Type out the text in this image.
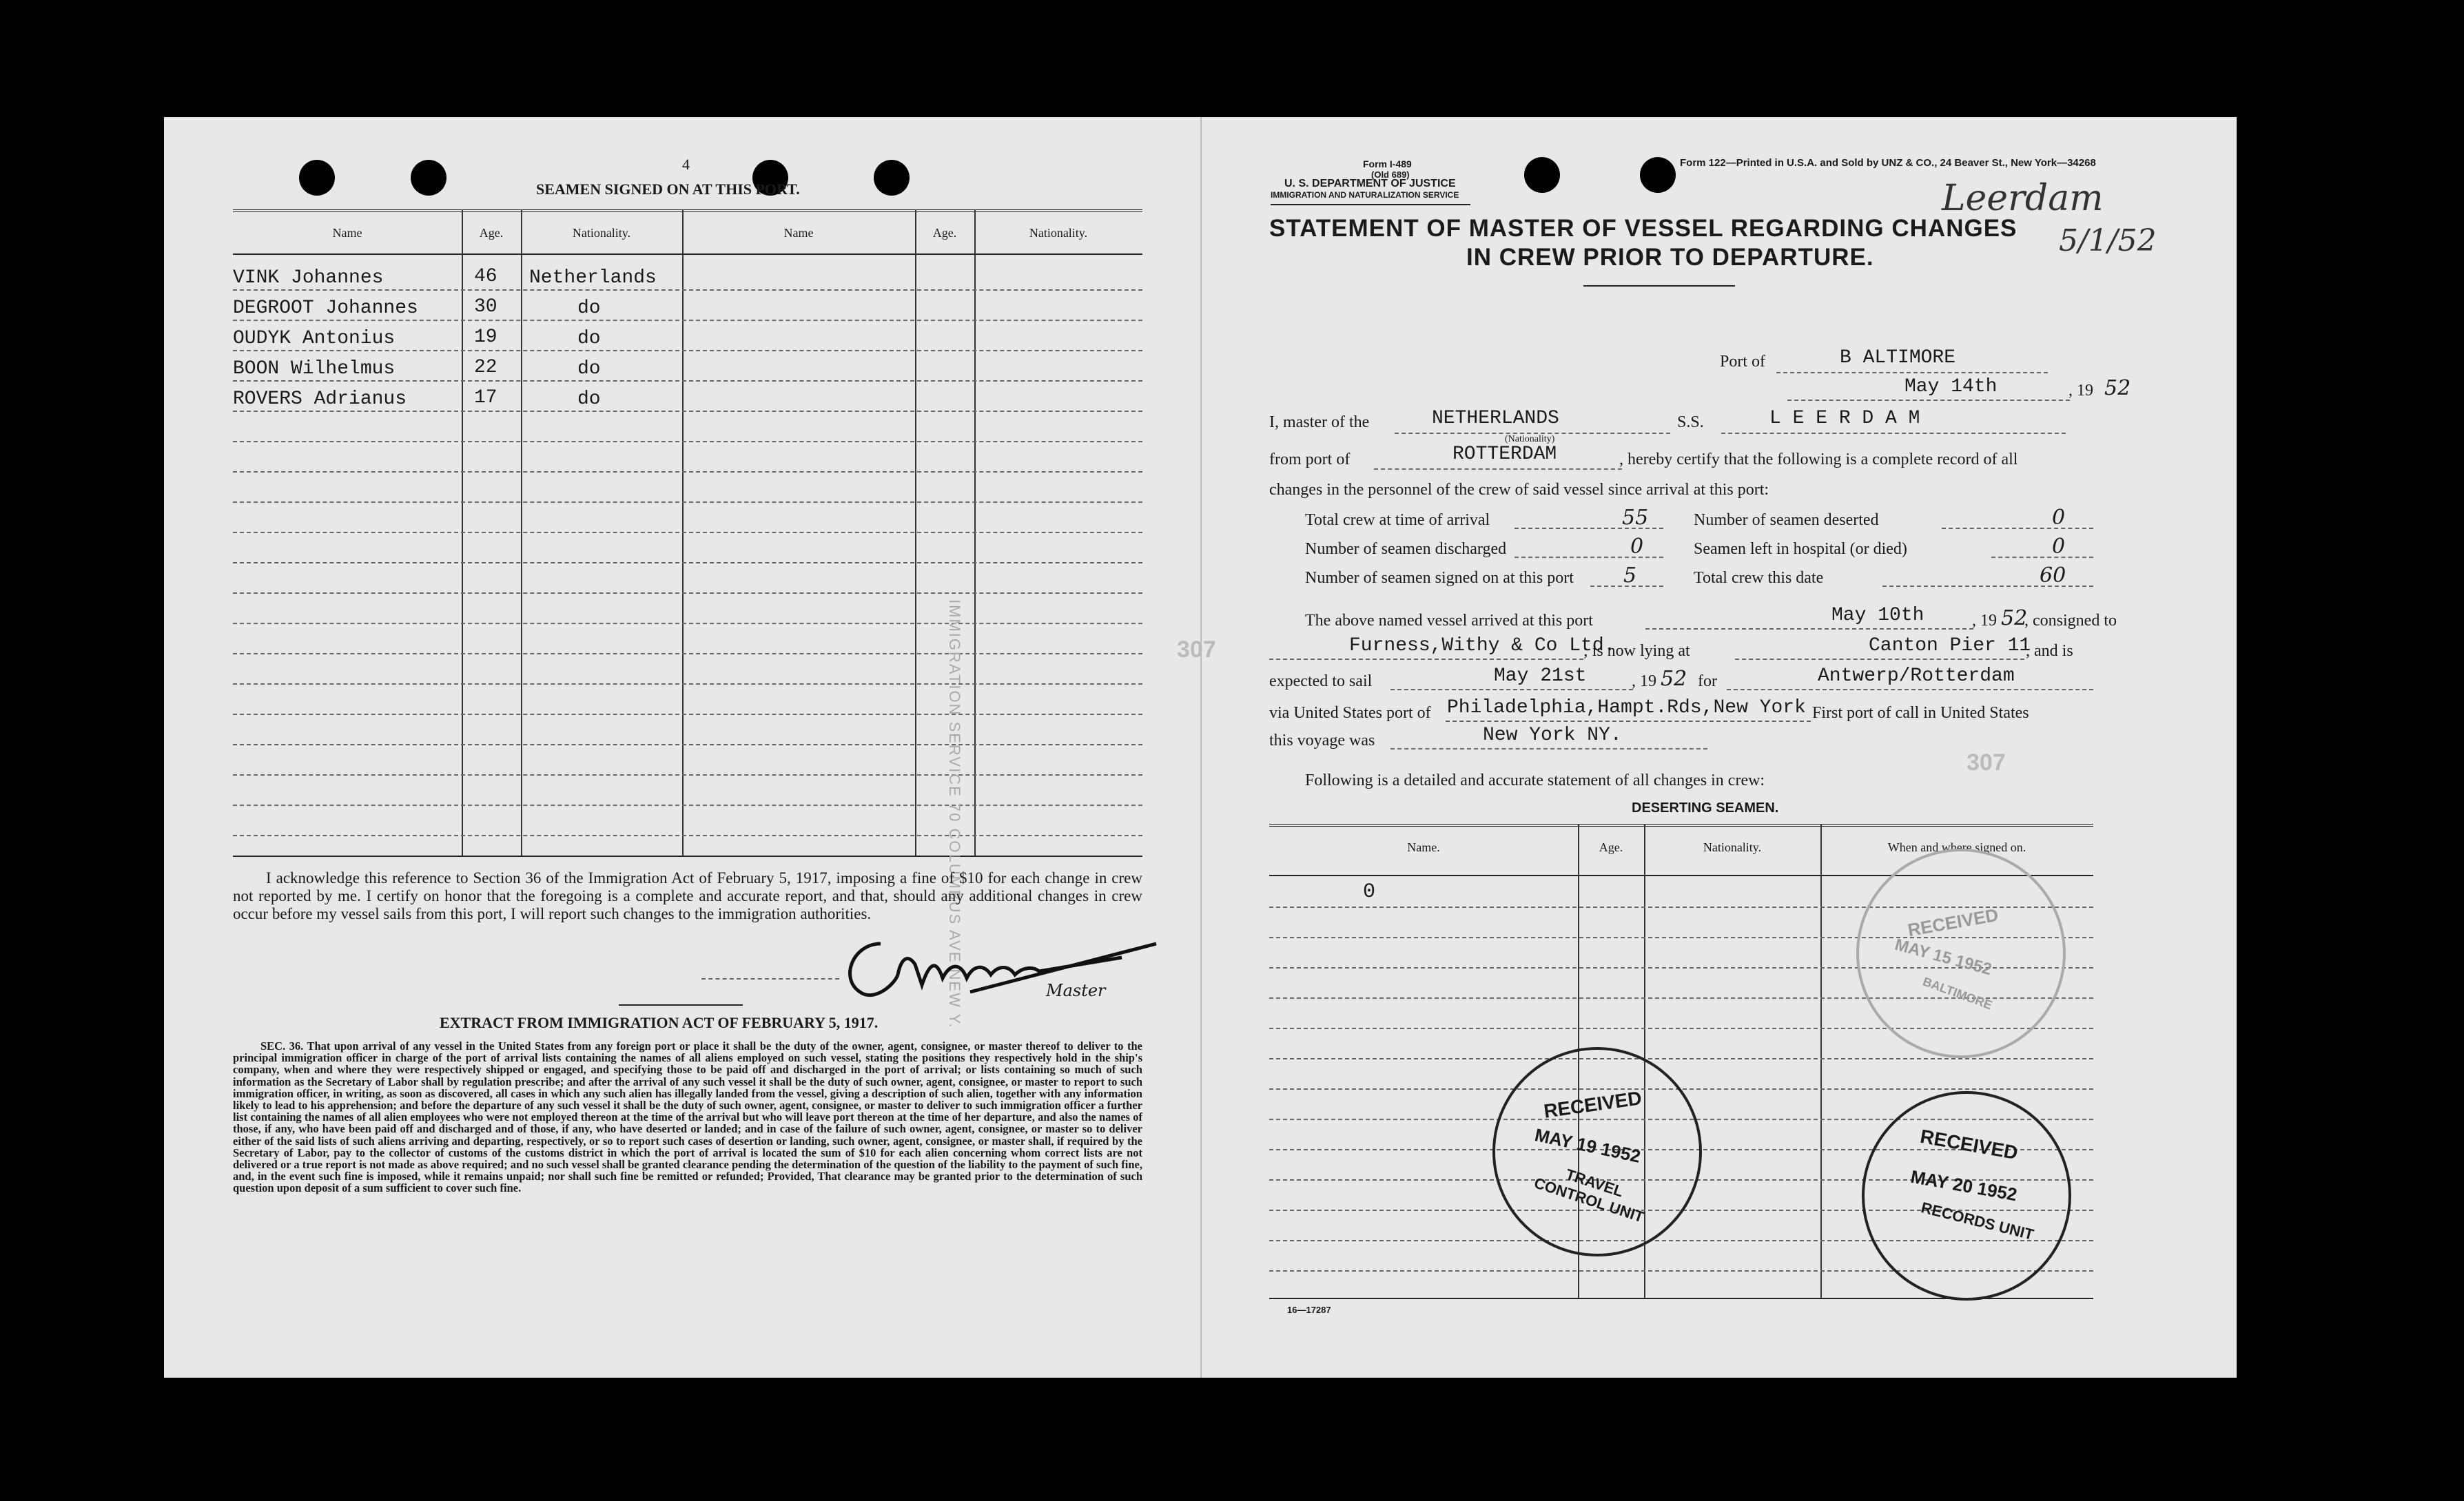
4
SEAMEN SIGNED ON AT THIS PORT.
Name	Age.	Nationality.	Name	Age.	Nationality.
VINK Johannes	46 Netherlands
DEGROOT Johannes	30	do
OUDYK Antonius	19	do
BOON Wilhelmus	22	do
ROVERS Adrianus	17	do
IMMIGRATION SERVICE 70 COLUMBUS AVE NEW Y.	307
I acknowledge this reference to Section 36 of the Immigration Act of February 5, 1917, imposing a fine of $10 for each change in crew not reported by me. I certify on honor that the foregoing is a complete and accurate report, and that, should any additional changes in crew occur before my vessel sails from this port, I will report such changes to the immigration authorities.
Master
EXTRACT FROM IMMIGRATION ACT OF FEBRUARY 5, 1917.
SEC. 36. That upon arrival of any vessel in the United States from any foreign port or place it shall be the duty of the owner, agent, consignee, or master thereof to deliver to the principal immigration officer in charge of the port of arrival lists containing the names of all aliens employed on such vessel, stating the positions they respectively hold in the ship's company, when and where they were respectively shipped or engaged, and specifying those to be paid off and discharged in the port of arrival; or lists containing so much of such information as the Secretary of Labor shall by regulation prescribe; and after the arrival of any such vessel it shall be the duty of such owner, agent, consignee, or master to report to such immigration officer, in writing, as soon as discovered, all cases in which any such alien has illegally landed from the vessel, giving a description of such alien, together with any information likely to lead to his apprehension; and before the departure of any such vessel it shall be the duty of such owner, agent, consignee, or master to deliver to such immigration officer a further list containing the names of all alien employees who were not employed thereon at the time of the arrival but who will leave port thereon at the time of her departure, and also the names of those, if any, who have been paid off and discharged and of those, if any, who have deserted or landed; and in case of the failure of such owner, agent, consignee, or master so to deliver either of the said lists of such aliens arriving and departing, respectively, or so to report such cases of desertion or landing, such owner, agent, consignee, or master shall, if required by the Secretary of Labor, pay to the collector of customs of the customs district in which the port of arrival is located the sum of $10 for each alien concerning whom correct lists are not delivered or a true report is not made as above required; and no such vessel shall be granted clearance pending the determination of the question of the liability to the payment of such fine, and, in the event such fine is imposed, while it remains unpaid; nor shall such fine be remitted or refunded; Provided, That clearance may be granted prior to the determination of such question upon deposit of a sum sufficient to cover such fine.
Form I-489
(Old 689)
U. S. DEPARTMENT OF JUSTICE
IMMIGRATION AND NATURALIZATION SERVICE
Form 122—Printed in U.S.A. and Sold by UNZ & CO., 24 Beaver St., New York—34268
Leerdam
5/1/52
STATEMENT OF MASTER OF VESSEL REGARDING CHANGES
IN CREW PRIOR TO DEPARTURE.
Port of	B ALTIMORE
May 14th	, 19 52
I, master of the	NETHERLANDS
(Nationality)
S.S.	L E E R D A M
from port of	ROTTERDAM	, hereby certify that the following is a complete record of all
changes in the personnel of the crew of said vessel since arrival at this port:
Total crew at time of arrival	55
Number of seamen discharged	0
Number of seamen signed on at this port 5
Number of seamen deserted	0
Seamen left in hospital (or died)	0
Total crew this date	60
The above named vessel arrived at this port	May 10th	, 19 52
, consigned to
Furness,Withy & Co Ltd.
; is now lying at	Canton Pier 11
, and is
expected to sail	May 21st	, 19 52 for	Antwerp/Rotterdam
via United States port of Philadelphia,Hampt.Rds,New York First port of call in United States
this voyage was	New York NY.
307
Following is a detailed and accurate statement of all changes in crew:
DESERTING SEAMEN.
Name.	Age.	Nationality.	When and where signed on.
0
16—17287
RECEIVED
MAY 15 1952
BALTIMORE
RECEIVED
MAY 19 1952
TRAVEL CONTROL UNIT
RECEIVED
MAY 20 1952
RECORDS UNIT
